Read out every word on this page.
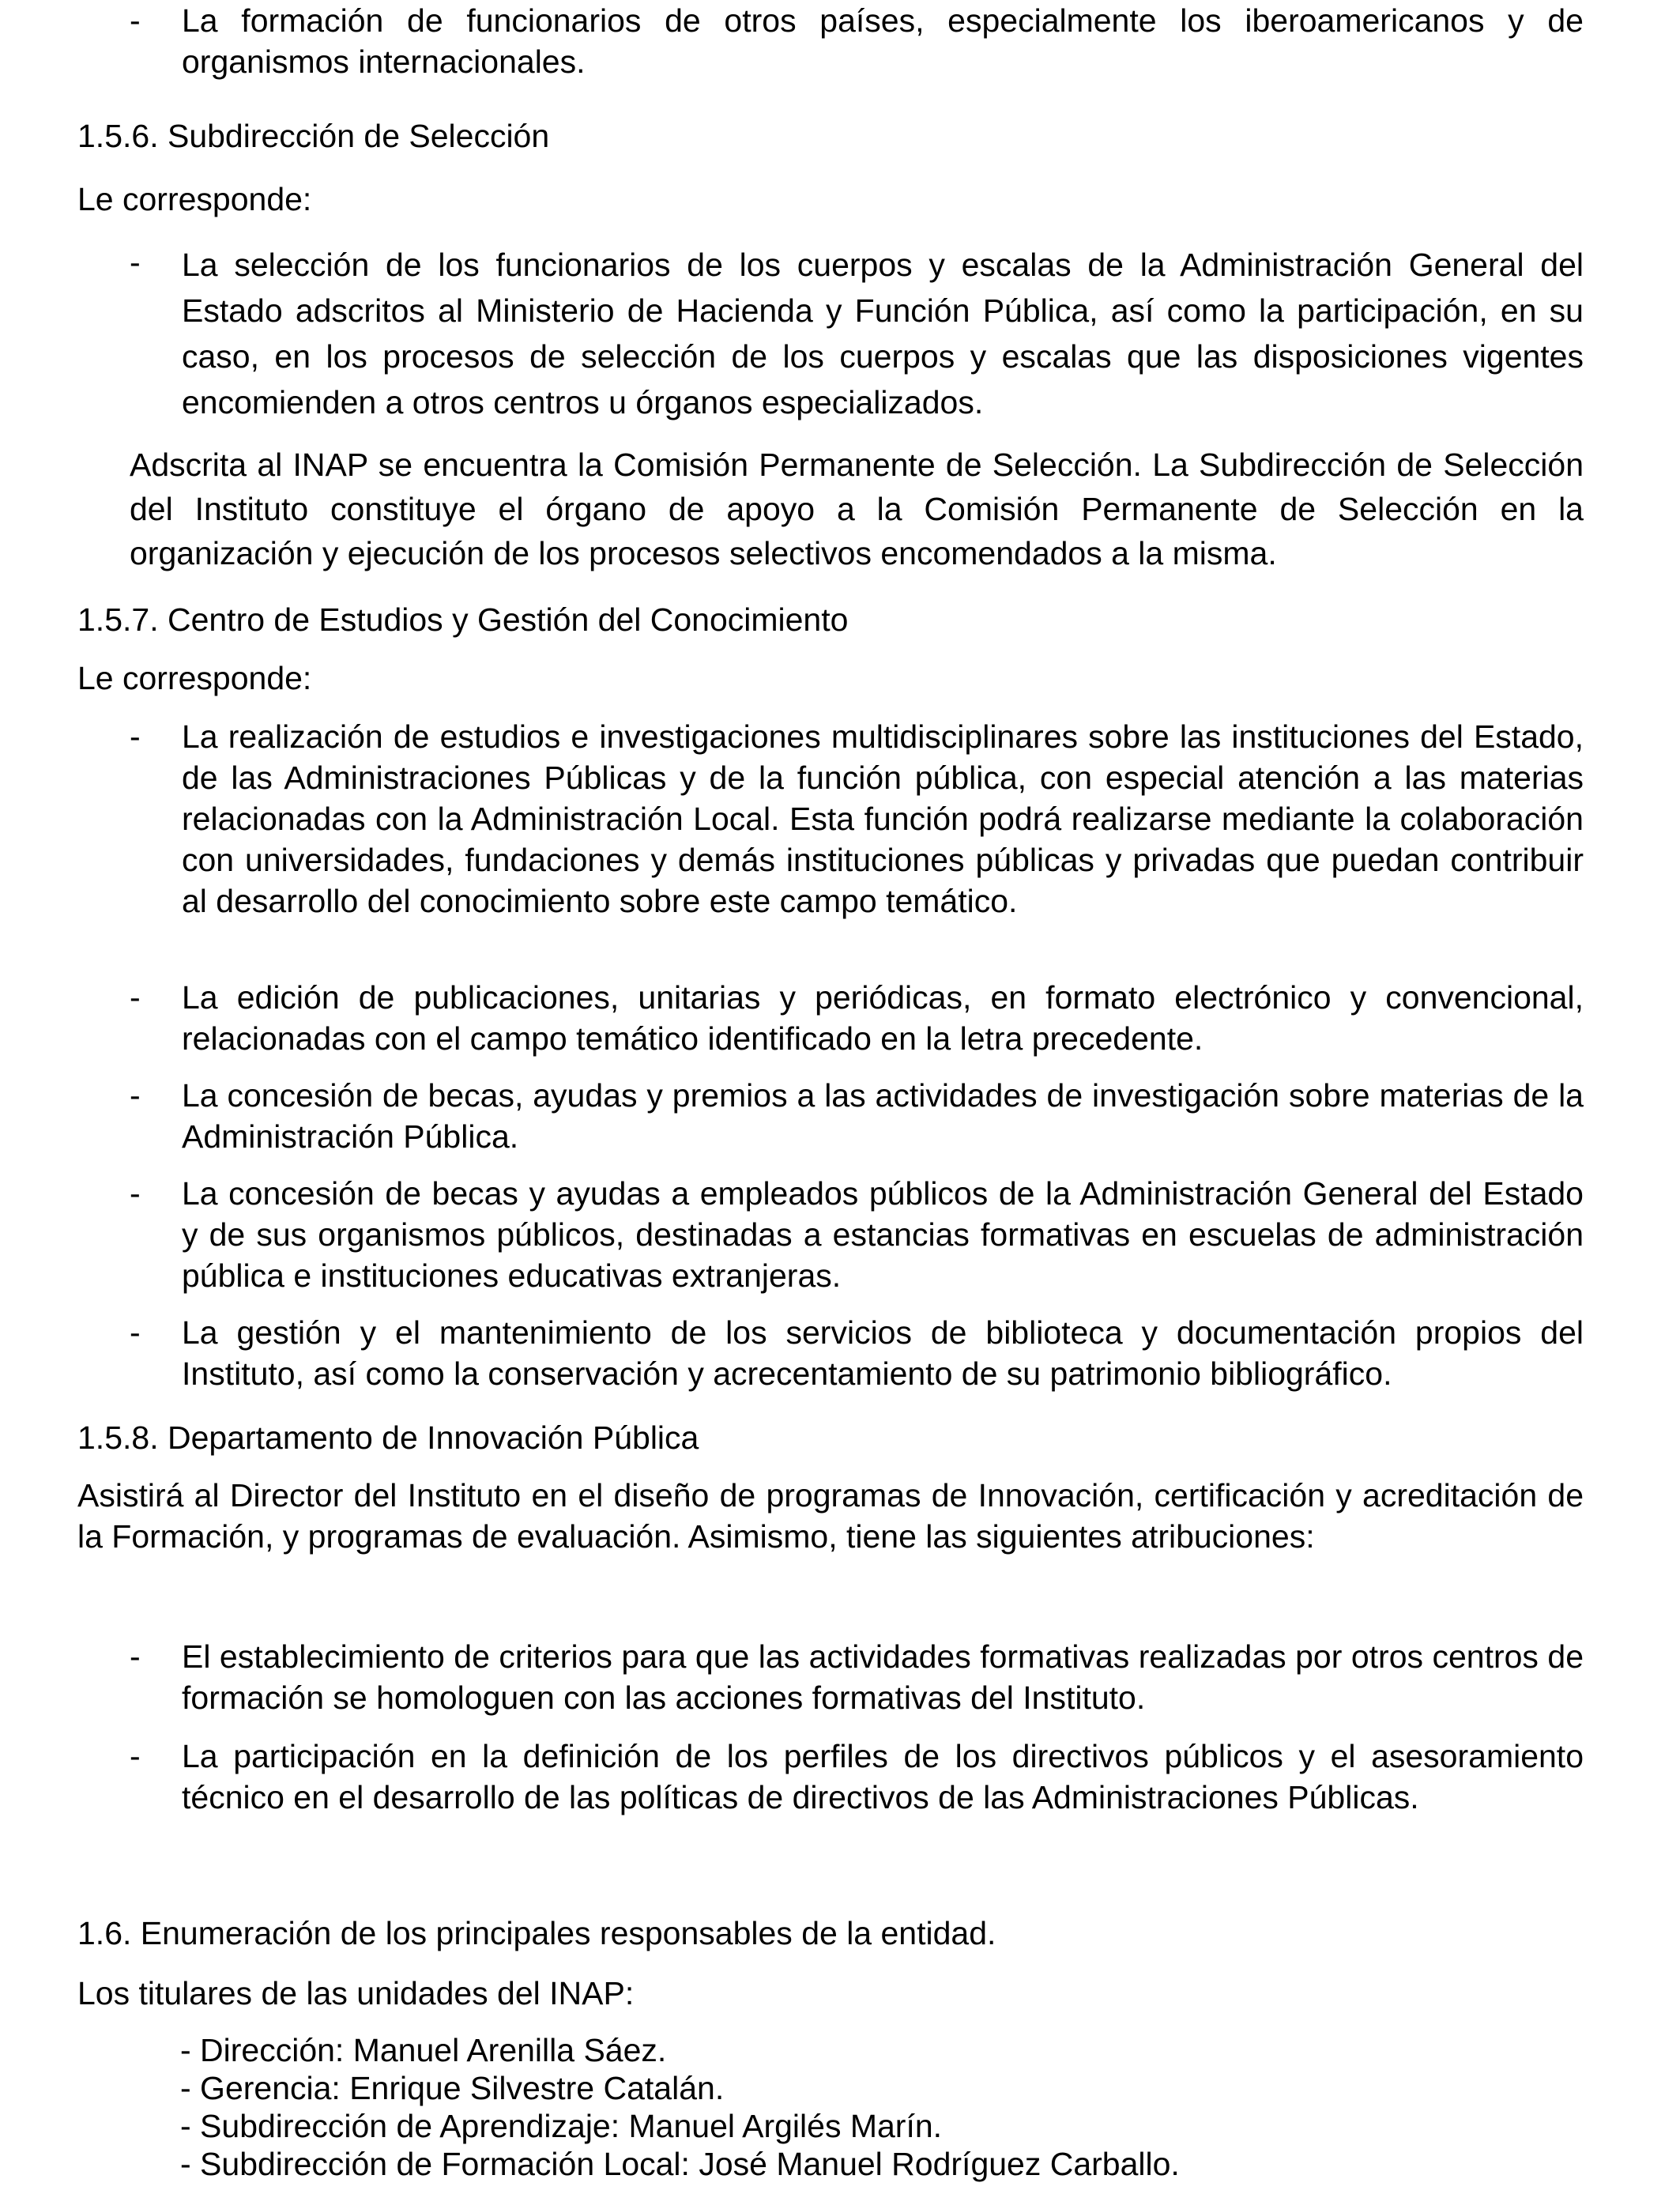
- La formación de funcionarios de otros países, especialmente los iberoamericanos y de organismos internacionales.

1.5.6. Subdirección de Selección

Le corresponde:

- La selección de los funcionarios de los cuerpos y escalas de la Administración General del Estado adscritos al Ministerio de Hacienda y Función Pública, así como la participación, en su caso, en los procesos de selección de los cuerpos y escalas que las disposiciones vigentes encomienden a otros centros u órganos especializados.

Adscrita al INAP se encuentra la Comisión Permanente de Selección. La Subdirección de Selección del Instituto constituye el órgano de apoyo a la Comisión Permanente de Selección en la organización y ejecución de los procesos selectivos encomendados a la misma.

1.5.7. Centro de Estudios y Gestión del Conocimiento

Le corresponde:

- La realización de estudios e investigaciones multidisciplinares sobre las instituciones del Estado, de las Administraciones Públicas y de la función pública, con especial atención a las materias relacionadas con la Administración Local. Esta función podrá realizarse mediante la colaboración con universidades, fundaciones y demás instituciones públicas y privadas que puedan contribuir al desarrollo del conocimiento sobre este campo temático.

- La edición de publicaciones, unitarias y periódicas, en formato electrónico y convencional, relacionadas con el campo temático identificado en la letra precedente.

- La concesión de becas, ayudas y premios a las actividades de investigación sobre materias de la Administración Pública.

- La concesión de becas y ayudas a empleados públicos de la Administración General del Estado y de sus organismos públicos, destinadas a estancias formativas en escuelas de administración pública e instituciones educativas extranjeras.

- La gestión y el mantenimiento de los servicios de biblioteca y documentación propios del Instituto, así como la conservación y acrecentamiento de su patrimonio bibliográfico.

1.5.8. Departamento de Innovación Pública

Asistirá al Director del Instituto en el diseño de programas de Innovación, certificación y acreditación de la Formación, y programas de evaluación. Asimismo, tiene las siguientes atribuciones:

- El establecimiento de criterios para que las actividades formativas realizadas por otros centros de formación se homologuen con las acciones formativas del Instituto.

- La participación en la definición de los perfiles de los directivos públicos y el asesoramiento técnico en el desarrollo de las políticas de directivos de las Administraciones Públicas.

1.6. Enumeración de los principales responsables de la entidad.

Los titulares de las unidades del INAP:

- Dirección: Manuel Arenilla Sáez.

- Gerencia: Enrique Silvestre Catalán.

- Subdirección de Aprendizaje: Manuel Argilés Marín.

- Subdirección de Formación Local: José Manuel Rodríguez Carballo.
